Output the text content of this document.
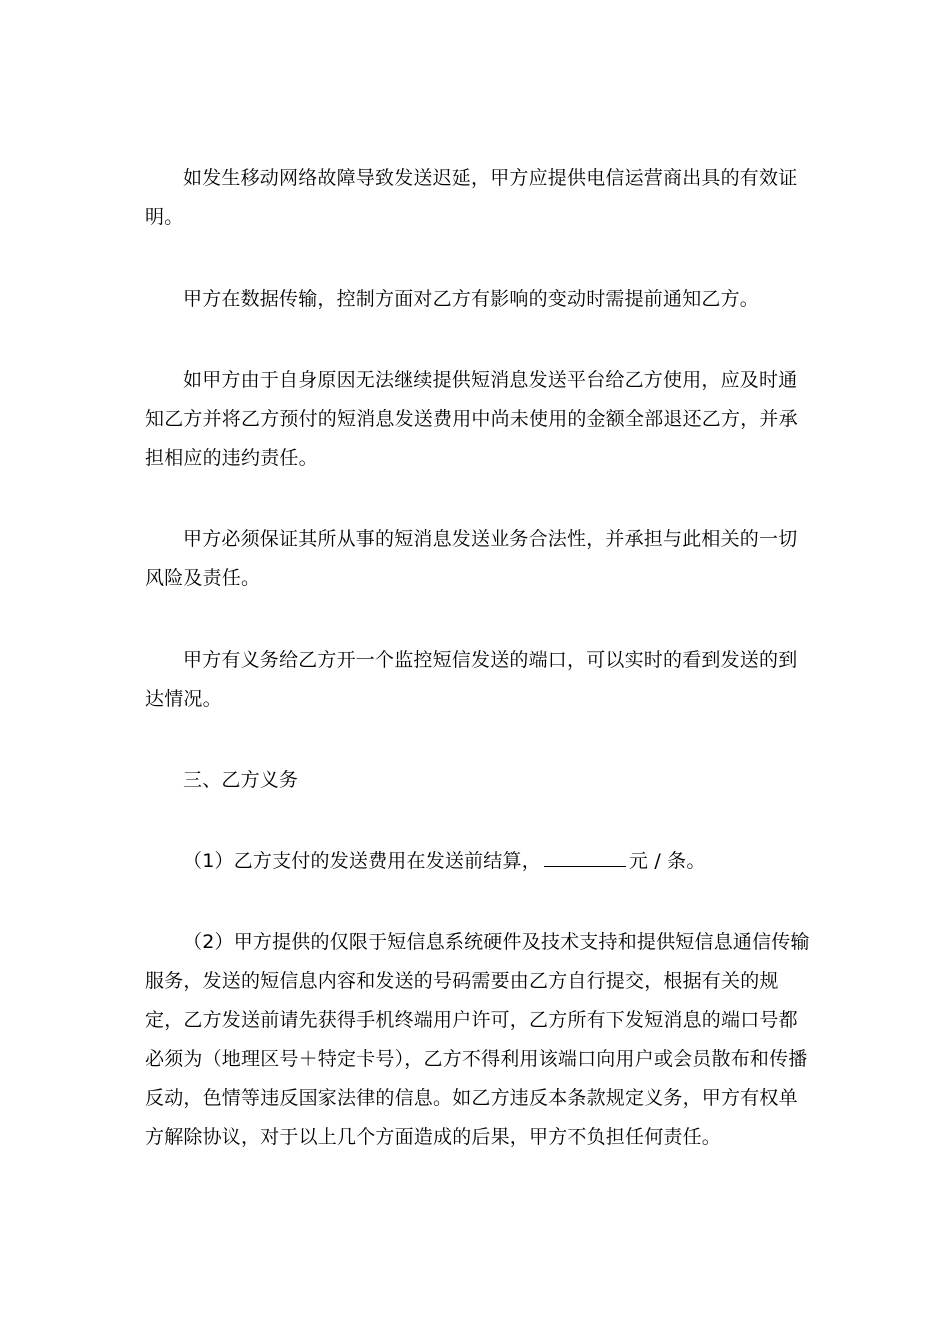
如发生移动网络故障导致发送迟延，甲方应提供电信运营商出具的有效证明。

甲方在数据传输，控制方面对乙方有影响的变动时需提前通知乙方。

如甲方由于自身原因无法继续提供短消息发送平台给乙方使用，应及时通知乙方并将乙方预付的短消息发送费用中尚未使用的金额全部退还乙方，并承担相应的违约责任。

甲方必须保证其所从事的短消息发送业务合法性，并承担与此相关的一切风险及责任。

甲方有义务给乙方开一个监控短信发送的端口，可以实时的看到发送的到达情况。

三、乙方义务

（1）乙方支付的发送费用在发送前结算，	元 / 条。

（2）甲方提供的仅限于短信息系统硬件及技术支持和提供短信息通信传输服务，发送的短信息内容和发送的号码需要由乙方自行提交，根据有关的规定，乙方发送前请先获得手机终端用户许可，乙方所有下发短消息的端口号都必须为（地理区号＋特定卡号），乙方不得利用该端口向用户或会员散布和传播反动，色情等违反国家法律的信息。如乙方违反本条款规定义务，甲方有权单方解除协议，对于以上几个方面造成的后果，甲方不负担任何责任。
